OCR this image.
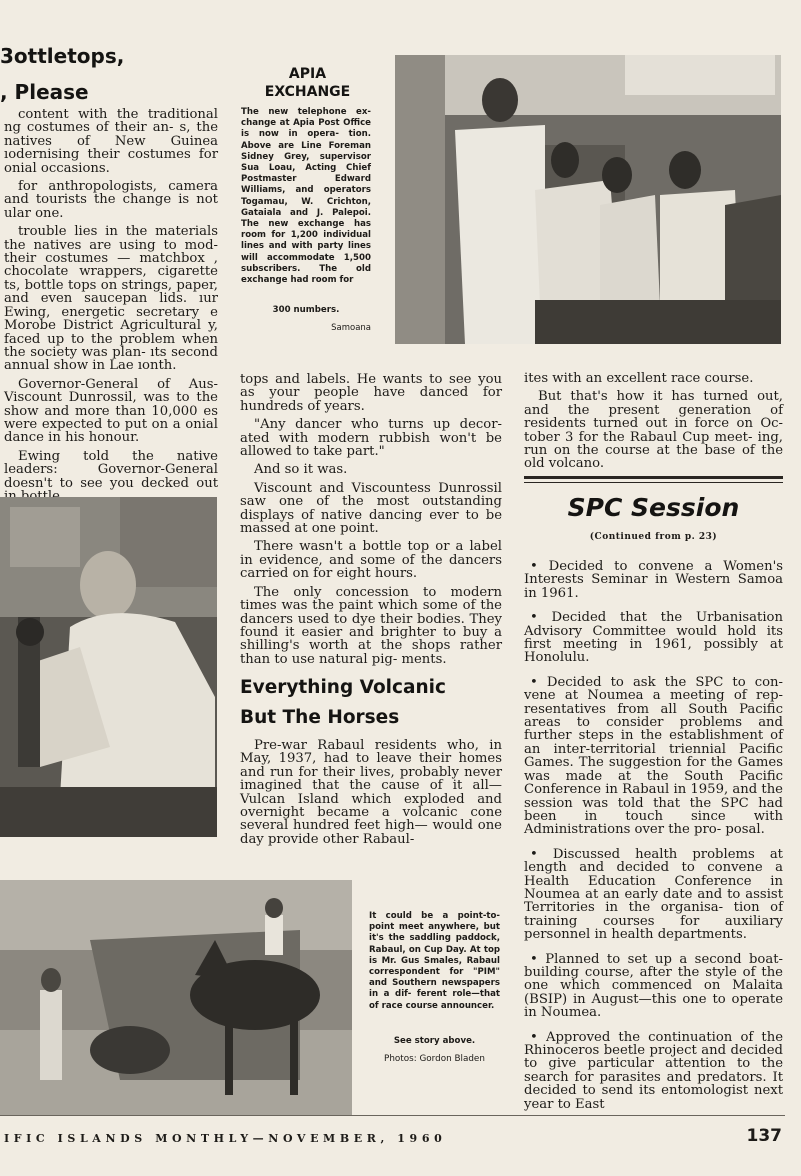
3ottletops,
, Please

content with the traditional ng costumes of their an- s, the natives of New Guinea ıodernising their costumes for onial occasions.

for anthropologists, camera and tourists the change is not ular one.

trouble lies in the materials the natives are using to mod- their costumes — matchbox , chocolate wrappers, cigarette ts, bottle tops on strings, paper, and even saucepan lids. ıur Ewing, energetic secretary e Morobe District Agricultural y, faced up to the problem when the society was plan- ıts second annual show in Lae ıonth.

Governor-General of Aus- Viscount Dunrossil, was to the show and more than 10,000 es were expected to put on a onial dance in his honour.

Ewing told the native leaders: Governor-General doesn't to see you decked out

APIA
EXCHANGE
The new telephone ex- change at Apia Post Office is now in opera- tion. Above are Line Foreman Sidney Grey, supervisor Sua Loau, Acting Chief Postmaster Edward Williams, and operators Togamau, W. Crichton, Gataiala and J. Palepoi. The new exchange has room for 1,200 individual lines and with party lines will accommodate 1,500 subscribers. The old exchange had room for
300 numbers.
Samoana

tops and labels. He wants to see you as your people have danced for hundreds of years.

"Any dancer who turns up decor- ated with modern rubbish won't be allowed to take part."

And so it was.

Viscount and Viscountess Dunrossil saw one of the most outstanding displays of native dancing ever to be massed at one point.

There wasn't a bottle top or a label in evidence, and some of the dancers carried on for eight hours.

The only concession to modern times was the paint which some of the dancers used to dye their bodies. They found it easier and brighter to buy a shilling's worth at the shops rather than to use natural pig- ments.

Everything Volcanic
But The Horses

Pre-war Rabaul residents who, in May, 1937, had to leave their homes and run for their lives, probably never imagined that the cause of it all—Vulcan Island which exploded and overnight became a volcanic cone several hundred feet high— would one day provide other Rabaul-

It could be a point-to- point meet anywhere, but it's the saddling paddock, Rabaul, on Cup Day. At top is Mr. Gus Smales, Rabaul correspondent for "PIM" and Southern newspapers in a dif- ferent role—that of race course announcer.
See story above.
Photos: Gordon Bladen

ites with an excellent race course.

But that's how it has turned out, and the present generation of residents turned out in force on Oc- tober 3 for the Rabaul Cup meet- ing, run on the course at the base of the old volcano.

SPC Session
(Continued from p. 23)

• Decided to convene a Women's Interests Seminar in Western Samoa in 1961.

• Decided that the Urbanisation Advisory Committee would hold its first meeting in 1961, possibly at Honolulu.

• Decided to ask the SPC to con- vene at Noumea a meeting of rep- resentatives from all South Pacific areas to consider problems and further steps in the establishment of an inter-territorial triennial Pacific Games. The suggestion for the Games was made at the South Pacific Conference in Rabaul in 1959, and the session was told that the SPC had been in touch since with Administrations over the pro- posal.

• Discussed health problems at length and decided to convene a Health Education Conference in Noumea at an early date and to assist Territories in the organisa- tion of training courses for auxiliary personnel in health departments.

• Planned to set up a second boat-building course, after the style of the one which commenced on Malaita (BSIP) in August—this one to operate in Noumea.

• Approved the continuation of the Rhinoceros beetle project and decided to give particular attention to the search for parasites and predators. It decided to send its entomologist next year to East

IFIC ISLANDS MONTHLY—NOVEMBER, 1960	137
